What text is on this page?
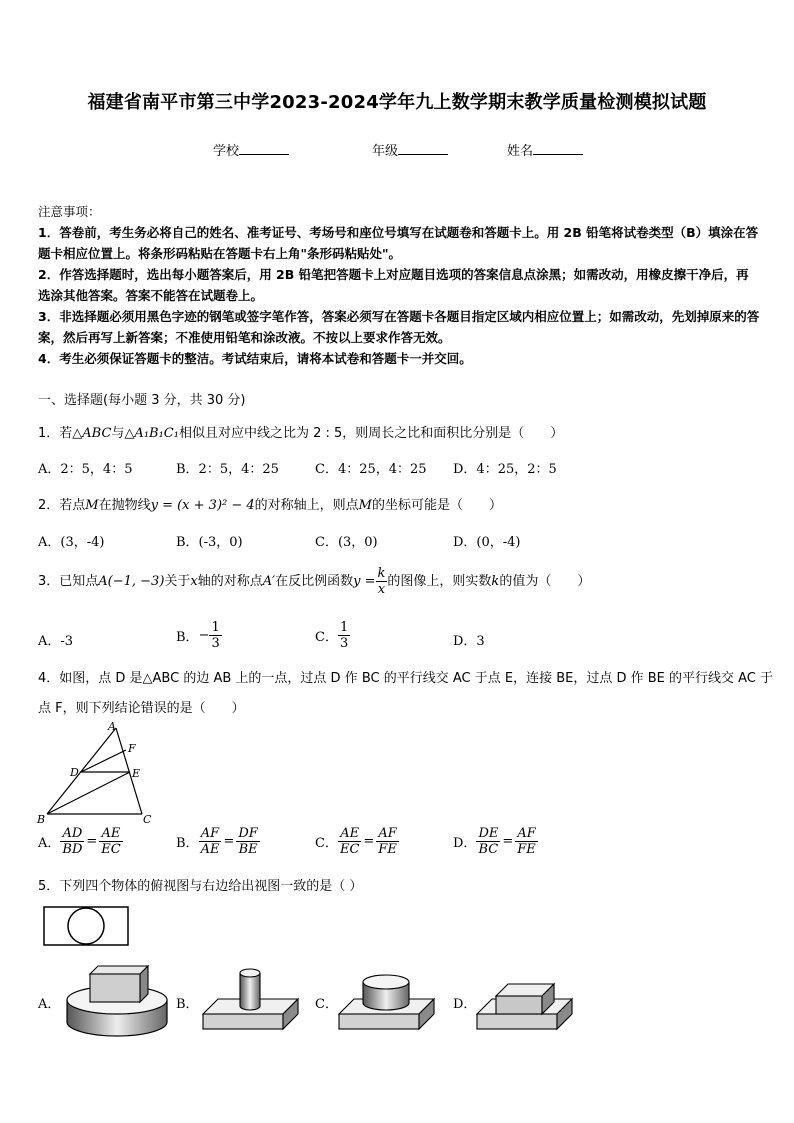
福建省南平市第三中学2023-2024学年九上数学期末教学质量检测模拟试题
学校	年级	姓名

注意事项：

1．答卷前，考生务必将自己的姓名、准考证号、考场号和座位号填写在试题卷和答题卡上。用 2B 铅笔将试卷类型（B）填涂在答题卡相应位置上。将条形码粘贴在答题卡右上角"条形码粘贴处"。

2．作答选择题时，选出每小题答案后，用 2B 铅笔把答题卡上对应题目选项的答案信息点涂黑；如需改动，用橡皮擦干净后，再选涂其他答案。答案不能答在试题卷上。

3．非选择题必须用黑色字迹的钢笔或签字笔作答，答案必须写在答题卡各题目指定区域内相应位置上；如需改动，先划掉原来的答案，然后再写上新答案；不准使用铅笔和涂改液。不按以上要求作答无效。

4．考生必须保证答题卡的整洁。考试结束后，请将本试卷和答题卡一并交回。

一、选择题(每小题 3 分，共 30 分)
1．若△ABC与△A₁B₁C₁相似且对应中线之比为 2 : 5，则周长之比和面积比分别是（　　）
A．2：5，4：5	B．2：5，4：25	C．4：25，4：25 D．4：25，2：5
2．若点M在抛物线y = (x + 3)² − 4的对称轴上，则点M的坐标可能是（　　）
A．(3，-4)	B．(-3，0)	C．(3，0)	D．(0，-4)
3．已知点A(−1, −3)关于x轴的对称点A′在反比例函数$y = \frac{k}{x}$ 的图像上，则实数k的值为（　　）
A．-3	B．− $\frac{1}{3}$	C． $\frac{1}{3}$	D．3
4．如图，点 D 是△ABC 的边 AB 上的一点，过点 D 作 BC 的平行线交 AC 于点 E，连接 BE，过点 D 作 BE 的平行线交 AC 于
点 F，则下列结论错误的是（　　）
A
F
D	E
B	C
A． $\frac{AD}{BD} = \frac{AE}{EC}$	B． $\frac{AF}{AE} = \frac{DF}{BE}$	C． $\frac{AE}{EC} = \frac{AF}{FE}$	D． $\frac{DE}{BC} = \frac{AF}{FE}$
5．下列四个物体的俯视图与右边给出视图一致的是（ ）
A．	B．	C．	D．
